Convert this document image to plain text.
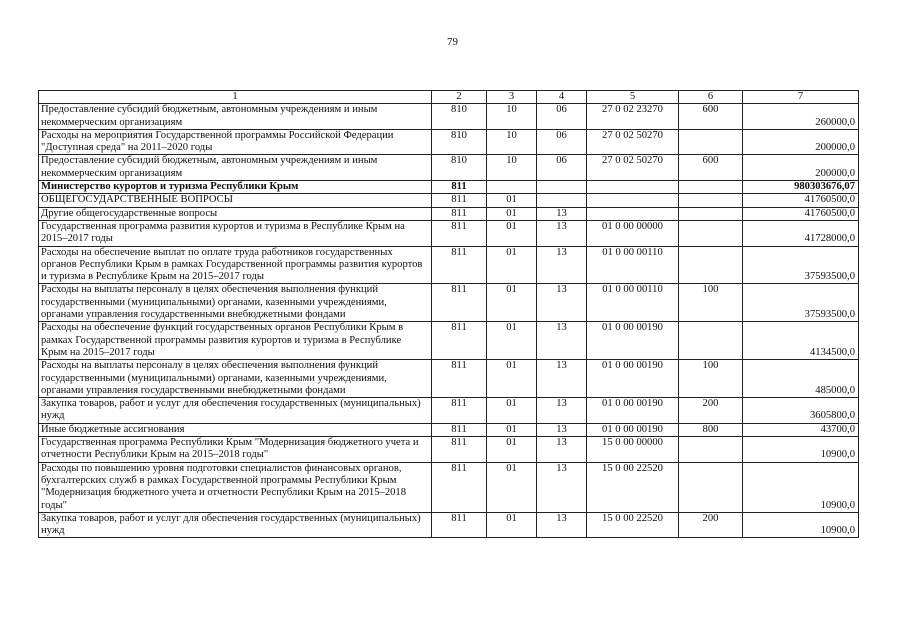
79
1	2	3	4	5	6	7
Предоставление субсидий бюджетным, автономным учреждениям и иным некоммерческим организациям	810	10	06	27 0 02 23270	600	260000,0
Расходы на мероприятия Государственной программы Российской Федерации "Доступная среда" на 2011–2020 годы	810	10	06	27 0 02 50270		200000,0
Предоставление субсидий бюджетным, автономным учреждениям и иным некоммерческим организациям	810	10	06	27 0 02 50270	600	200000,0
Министерство курортов и туризма Республики Крым	811					980303676,07
ОБЩЕГОСУДАРСТВЕННЫЕ ВОПРОСЫ	811	01				41760500,0
Другие общегосударственные вопросы	811	01	13			41760500,0
Государственная программа развития курортов и туризма в Республике Крым на 2015–2017 годы	811	01	13	01 0 00 00000		41728000,0
Расходы на обеспечение выплат по оплате труда работников государственных органов Республики Крым в рамках Государственной программы развития курортов и туризма в Республике Крым на 2015–2017 годы	811	01	13	01 0 00 00110		37593500,0
Расходы на выплаты персоналу в целях обеспечения выполнения функций государственными (муниципальными) органами, казенными учреждениями, органами управления государственными внебюджетными фондами	811	01	13	01 0 00 00110	100	37593500,0
Расходы на обеспечение функций государственных органов Республики Крым в рамках Государственной программы развития курортов и туризма в Республике Крым на 2015–2017 годы	811	01	13	01 0 00 00190		4134500,0
Расходы на выплаты персоналу в целях обеспечения выполнения функций государственными (муниципальными) органами, казенными учреждениями, органами управления государственными внебюджетными фондами	811	01	13	01 0 00 00190	100	485000,0
Закупка товаров, работ и услуг для обеспечения государственных (муниципальных) нужд	811	01	13	01 0 00 00190	200	3605800,0
Иные бюджетные ассигнования	811	01	13	01 0 00 00190	800	43700,0
Государственная программа Республики Крым "Модернизация бюджетного учета и отчетности Республики Крым на 2015–2018 годы"	811	01	13	15 0 00 00000		10900,0
Расходы по повышению уровня подготовки специалистов финансовых органов, бухгалтерских служб в рамках Государственной программы Республики Крым "Модернизация бюджетного учета и отчетности Республики Крым на 2015–2018 годы"	811	01	13	15 0 00 22520		10900,0
Закупка товаров, работ и услуг для обеспечения государственных (муниципальных) нужд	811	01	13	15 0 00 22520	200	10900,0
